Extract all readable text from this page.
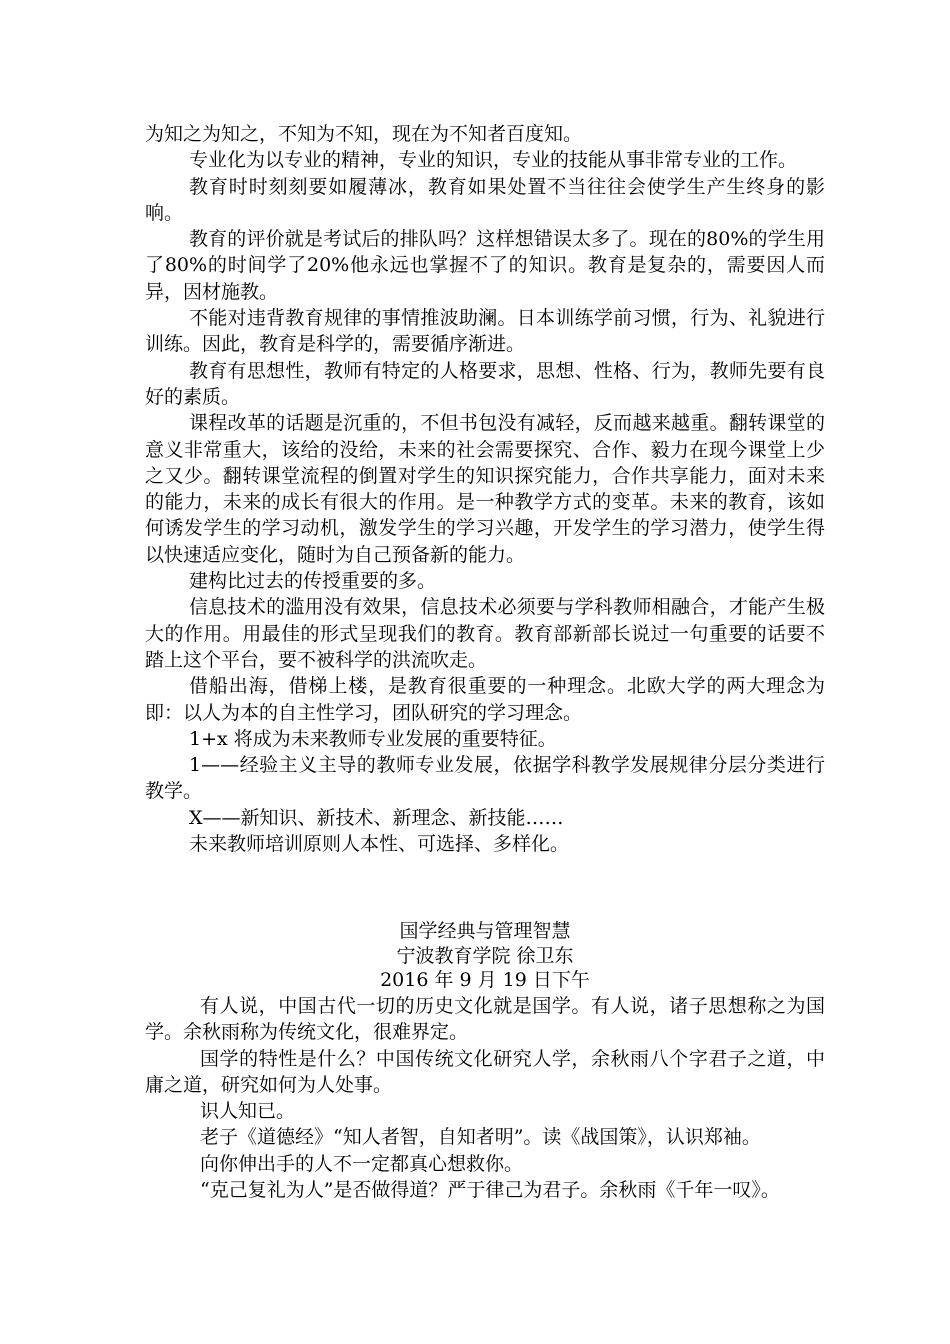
为知之为知之，不知为不知，现在为不知者百度知。

专业化为以专业的精神，专业的知识，专业的技能从事非常专业的工作。

教育时时刻刻要如履薄冰，教育如果处置不当往往会使学生产生终身的影响。

教育的评价就是考试后的排队吗？这样想错误太多了。现在的80%的学生用了80%的时间学了20%他永远也掌握不了的知识。教育是复杂的，需要因人而异，因材施教。

不能对违背教育规律的事情推波助澜。日本训练学前习惯，行为、礼貌进行训练。因此，教育是科学的，需要循序渐进。

教育有思想性，教师有特定的人格要求，思想、性格、行为，教师先要有良好的素质。

课程改革的话题是沉重的，不但书包没有减轻，反而越来越重。翻转课堂的意义非常重大，该给的没给，未来的社会需要探究、合作、毅力在现今课堂上少之又少。翻转课堂流程的倒置对学生的知识探究能力，合作共享能力，面对未来的能力，未来的成长有很大的作用。是一种教学方式的变革。未来的教育，该如何诱发学生的学习动机，激发学生的学习兴趣，开发学生的学习潜力，使学生得以快速适应变化，随时为自己预备新的能力。

建构比过去的传授重要的多。

信息技术的滥用没有效果，信息技术必须要与学科教师相融合，才能产生极大的作用。用最佳的形式呈现我们的教育。教育部新部长说过一句重要的话要不踏上这个平台，要不被科学的洪流吹走。

借船出海，借梯上楼，是教育很重要的一种理念。北欧大学的两大理念为即：以人为本的自主性学习，团队研究的学习理念。

1+x 将成为未来教师专业发展的重要特征。

1——经验主义主导的教师专业发展，依据学科教学发展规律分层分类进行教学。

X——新知识、新技术、新理念、新技能……

未来教师培训原则人本性、可选择、多样化。

国学经典与管理智慧
宁波教育学院 徐卫东
2016 年 9 月 19 日下午

有人说，中国古代一切的历史文化就是国学。有人说，诸子思想称之为国学。余秋雨称为传统文化，很难界定。

国学的特性是什么？中国传统文化研究人学，余秋雨八个字君子之道，中庸之道，研究如何为人处事。

识人知已。

老子《道德经》“知人者智，自知者明”。读《战国策》，认识郑袖。

向你伸出手的人不一定都真心想救你。

“克己复礼为人”是否做得道？严于律己为君子。余秋雨《千年一叹》。
